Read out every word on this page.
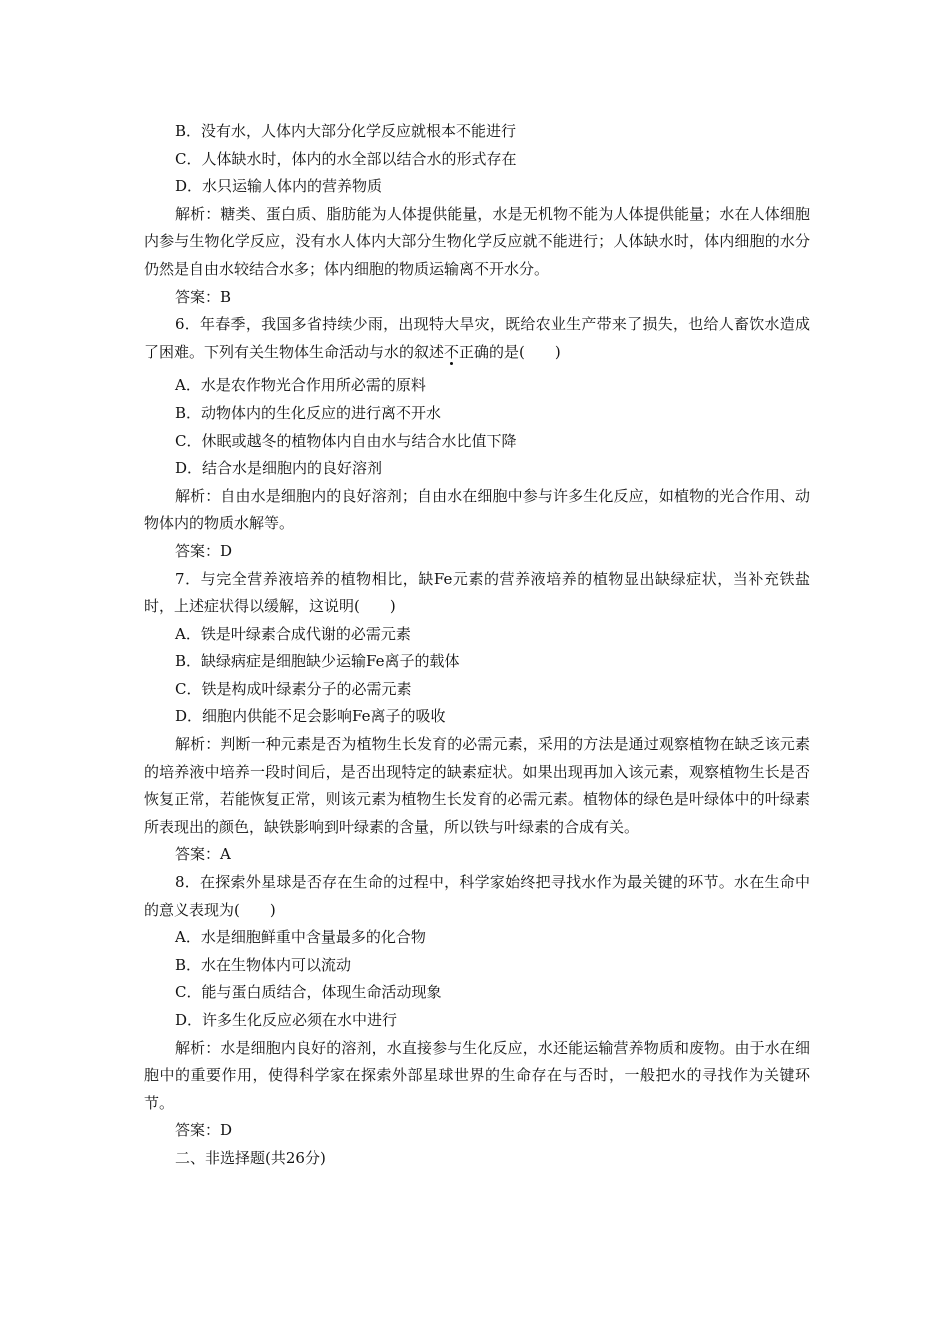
B．没有水，人体内大部分化学反应就根本不能进行
C．人体缺水时，体内的水全部以结合水的形式存在
D．水只运输人体内的营养物质
解析：糖类、蛋白质、脂肪能为人体提供能量，水是无机物不能为人体提供能量；水在人体细胞内参与生物化学反应，没有水人体内大部分生物化学反应就不能进行；人体缺水时，体内细胞的水分仍然是自由水较结合水多；体内细胞的物质运输离不开水分。
答案：B
6．年春季，我国多省持续少雨，出现特大旱灾，既给农业生产带来了损失，也给人畜饮水造成了困难。下列有关生物体生命活动与水的叙述不正确的是(　　)
A．水是农作物光合作用所必需的原料
B．动物体内的生化反应的进行离不开水
C．休眠或越冬的植物体内自由水与结合水比值下降
D．结合水是细胞内的良好溶剂
解析：自由水是细胞内的良好溶剂；自由水在细胞中参与许多生化反应，如植物的光合作用、动物体内的物质水解等。
答案：D
7．与完全营养液培养的植物相比，缺Fe元素的营养液培养的植物显出缺绿症状，当补充铁盐时，上述症状得以缓解，这说明(　　)
A．铁是叶绿素合成代谢的必需元素
B．缺绿病症是细胞缺少运输Fe离子的载体
C．铁是构成叶绿素分子的必需元素
D．细胞内供能不足会影响Fe离子的吸收
解析：判断一种元素是否为植物生长发育的必需元素，采用的方法是通过观察植物在缺乏该元素的培养液中培养一段时间后，是否出现特定的缺素症状。如果出现再加入该元素，观察植物生长是否恢复正常，若能恢复正常，则该元素为植物生长发育的必需元素。植物体的绿色是叶绿体中的叶绿素所表现出的颜色，缺铁影响到叶绿素的含量，所以铁与叶绿素的合成有关。
答案：A
8．在探索外星球是否存在生命的过程中，科学家始终把寻找水作为最关键的环节。水在生命中的意义表现为(　　)
A．水是细胞鲜重中含量最多的化合物
B．水在生物体内可以流动
C．能与蛋白质结合，体现生命活动现象
D．许多生化反应必须在水中进行
解析：水是细胞内良好的溶剂，水直接参与生化反应，水还能运输营养物质和废物。由于水在细胞中的重要作用，使得科学家在探索外部星球世界的生命存在与否时，一般把水的寻找作为关键环节。
答案：D
二、非选择题(共26分)
